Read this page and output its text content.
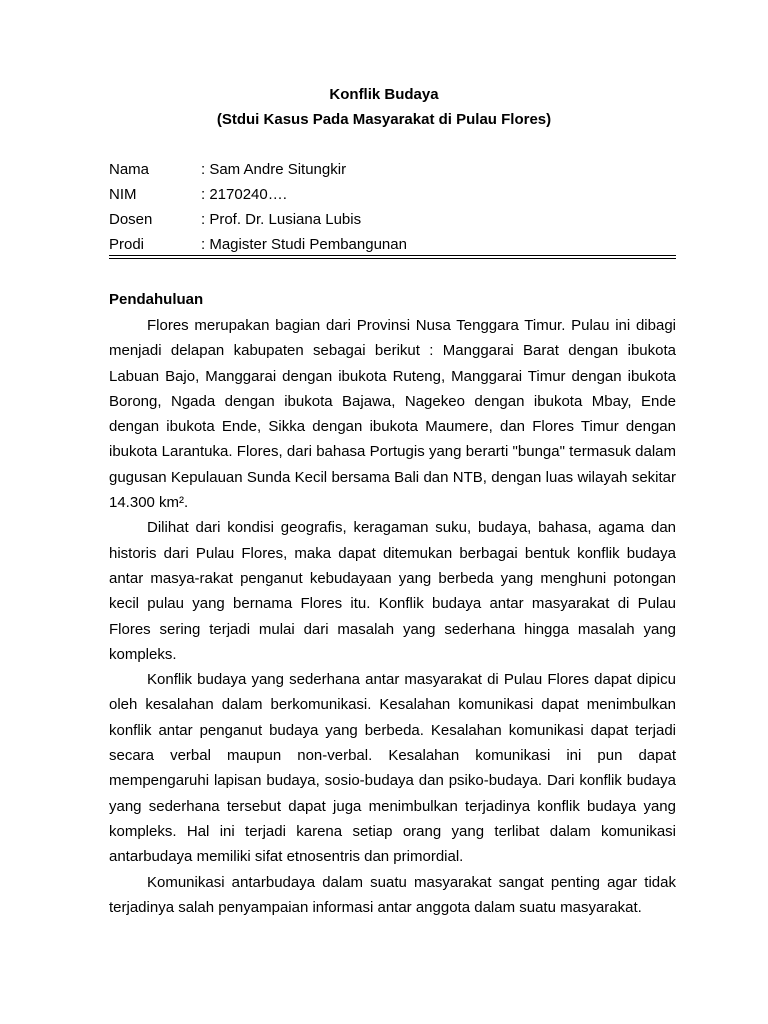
Konflik Budaya
(Stdui Kasus Pada Masyarakat di Pulau Flores)
Nama	: Sam Andre Situngkir
NIM	: 2170240….
Dosen	: Prof. Dr. Lusiana Lubis
Prodi	: Magister Studi Pembangunan
Pendahuluan

Flores merupakan bagian dari Provinsi Nusa Tenggara Timur. Pulau ini dibagi menjadi delapan kabupaten sebagai berikut : Manggarai Barat dengan ibukota Labuan Bajo, Manggarai dengan ibukota Ruteng, Manggarai Timur dengan ibukota Borong, Ngada dengan ibukota Bajawa, Nagekeo dengan ibukota Mbay, Ende dengan ibukota Ende, Sikka dengan ibukota Maumere, dan Flores Timur dengan ibukota Larantuka. Flores, dari bahasa Portugis yang berarti "bunga" termasuk dalam gugusan Kepulauan Sunda Kecil bersama Bali dan NTB, dengan luas wilayah sekitar 14.300 km².

Dilihat dari kondisi geografis, keragaman suku, budaya, bahasa, agama dan historis dari Pulau Flores, maka dapat ditemukan berbagai bentuk konflik budaya antar masya-rakat penganut kebudayaan yang berbeda yang menghuni potongan kecil pulau yang bernama Flores itu. Konflik budaya antar masyarakat di Pulau Flores sering terjadi mulai dari masalah yang sederhana hingga masalah yang kompleks.

Konflik budaya yang sederhana antar masyarakat di Pulau Flores dapat dipicu oleh kesalahan dalam berkomunikasi. Kesalahan komunikasi dapat menimbulkan konflik antar penganut budaya yang berbeda. Kesalahan komunikasi dapat terjadi secara verbal maupun non-verbal. Kesalahan komunikasi ini pun dapat mempengaruhi lapisan budaya, sosio-budaya dan psiko-budaya. Dari konflik budaya yang sederhana tersebut dapat juga menimbulkan terjadinya konflik budaya yang kompleks. Hal ini terjadi karena setiap orang yang terlibat dalam komunikasi antarbudaya memiliki sifat etnosentris dan primordial.

Komunikasi antarbudaya dalam suatu masyarakat sangat penting agar tidak terjadinya salah penyampaian informasi antar anggota dalam suatu masyarakat.
